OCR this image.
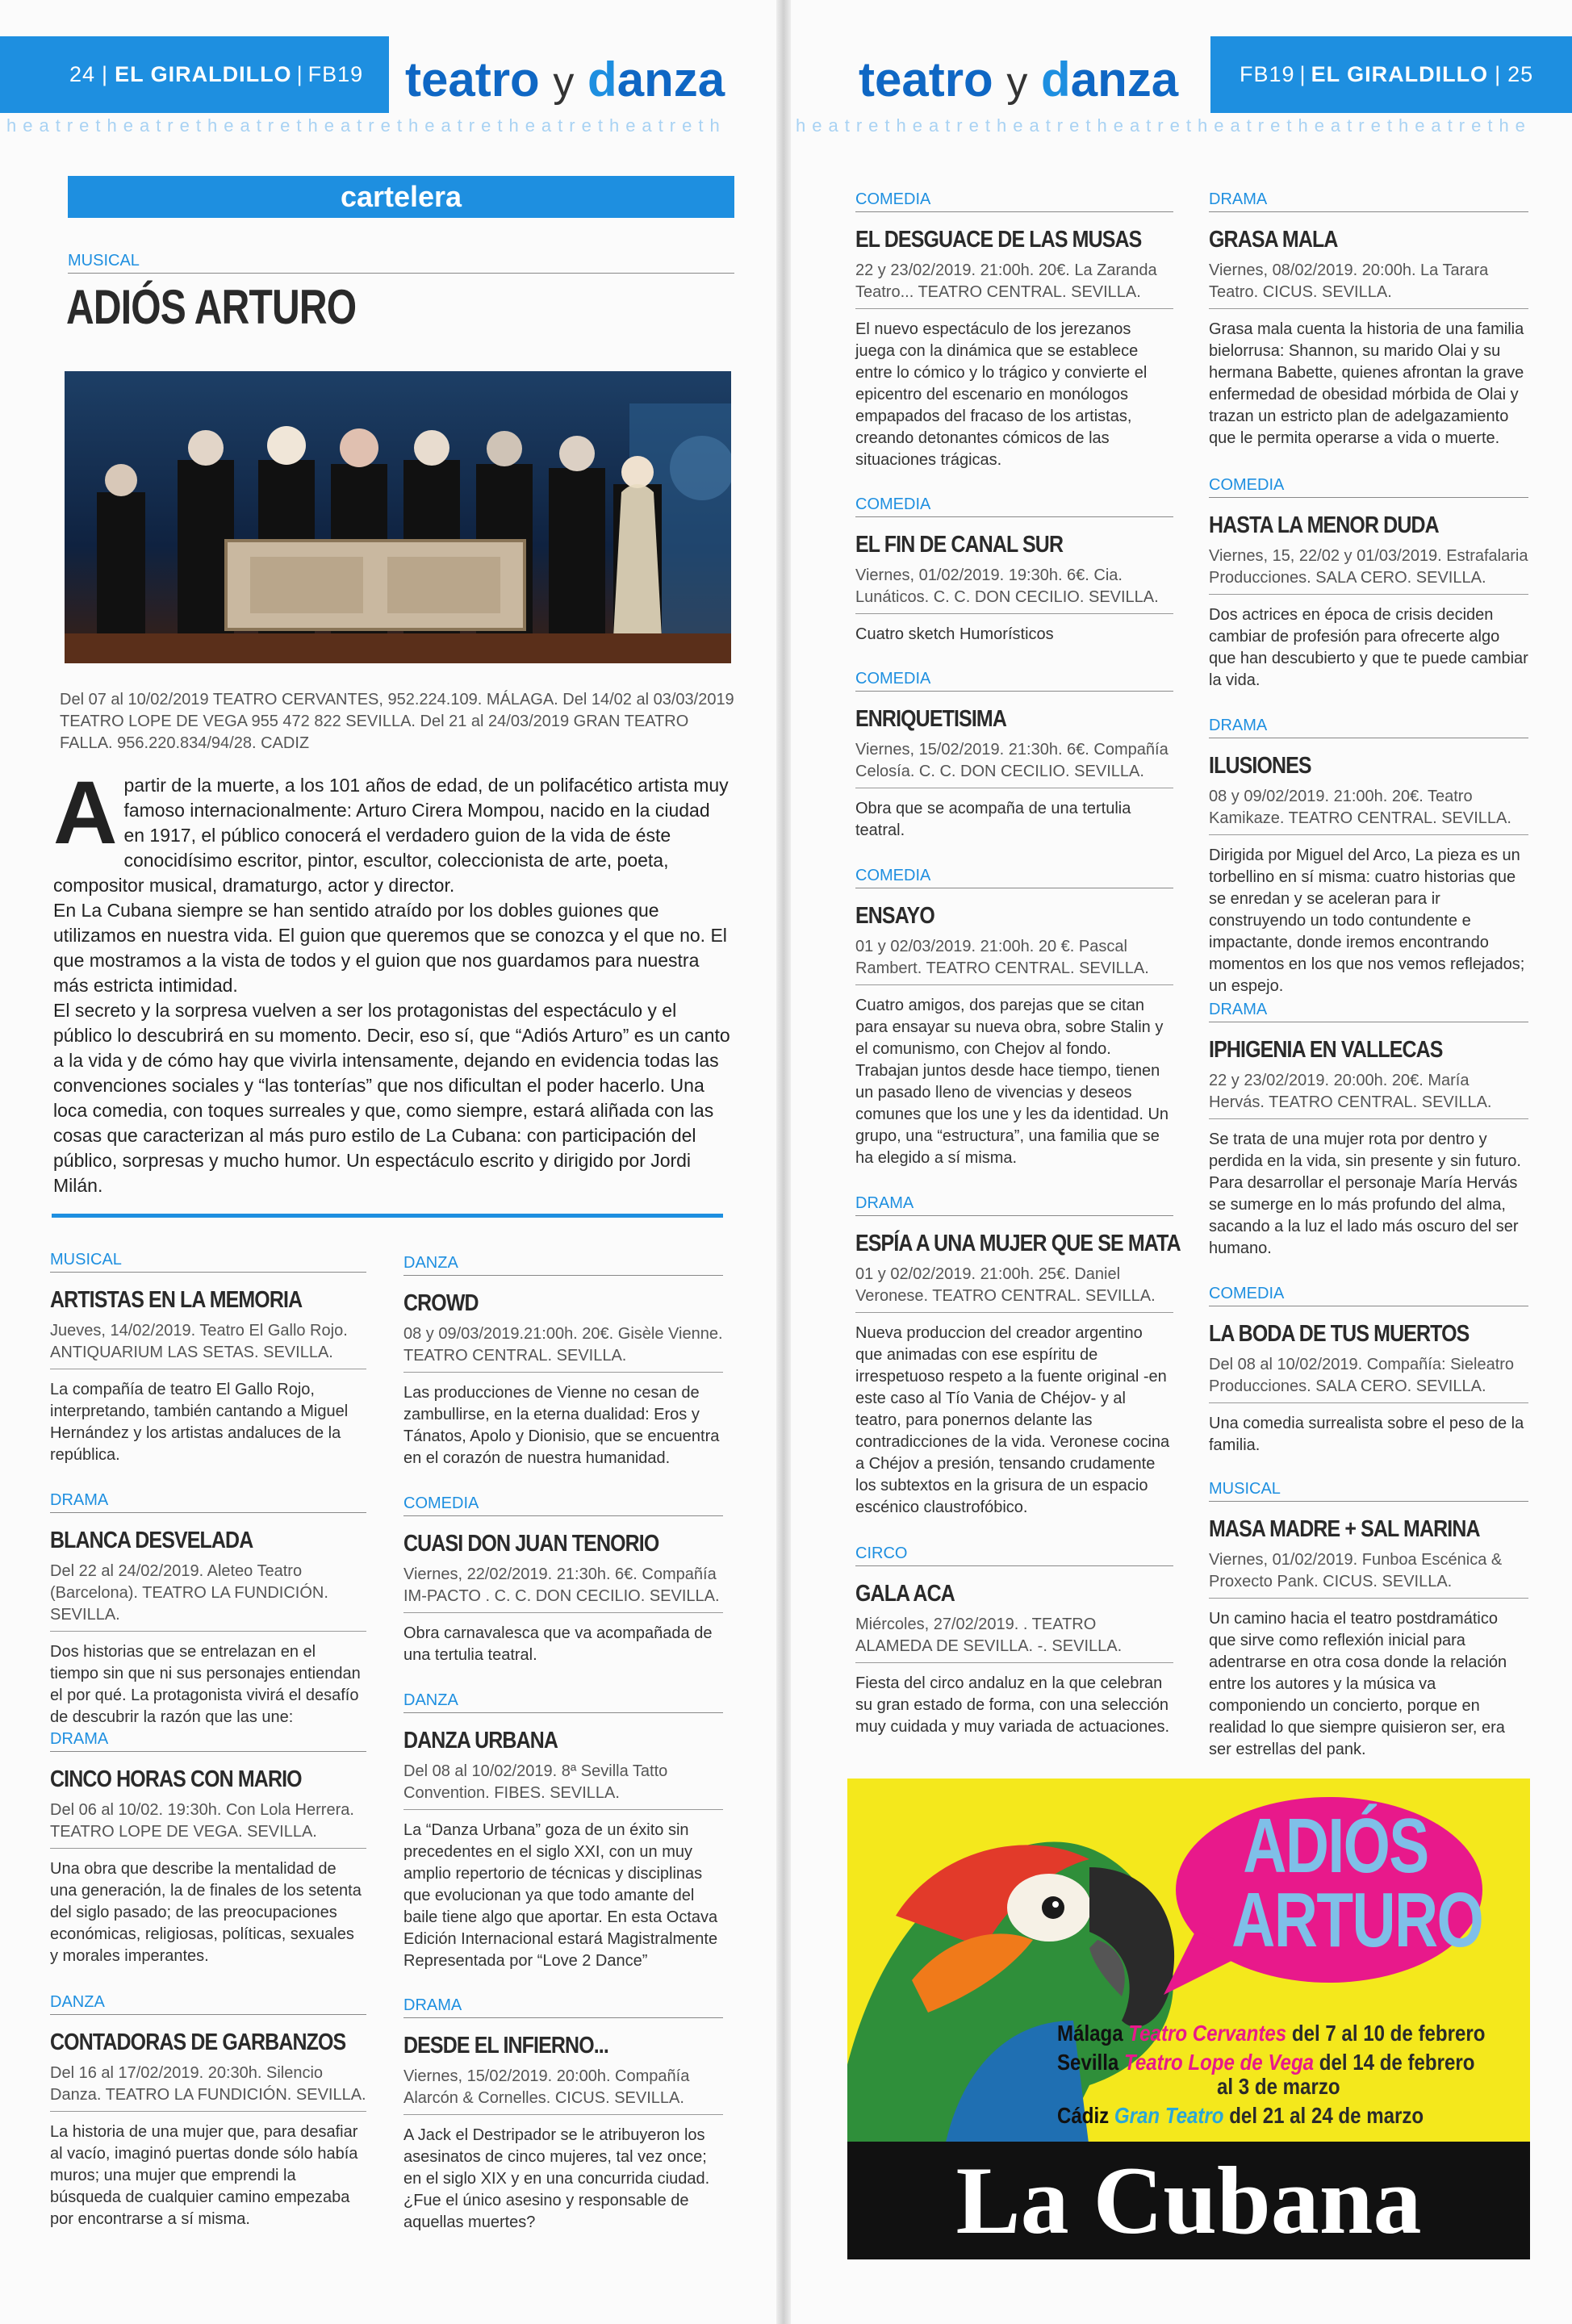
24 | EL GIRALDILLO | FB19 teatro y danza
heatretheatretheatretheatretheatretheatretheatreth
cartelera
MUSICAL
ADIÓS ARTURO
Del 07 al 10/02/2019 TEATRO CERVANTES, 952.224.109. MÁLAGA. Del 14/02 al 03/03/2019 TEATRO LOPE DE VEGA 955 472 822 SEVILLA. Del 21 al 24/03/2019 GRAN TEATRO FALLA. 956.220.834/94/28. CADIZ

Apartir de la muerte, a los 101 años de edad, de un polifacético artista muy famoso internacionalmente: Arturo Cirera Mompou, nacido en la ciudad en 1917, el público conocerá el verdadero guion de la vida de éste conocidísimo escritor, pintor, escultor, coleccionista de arte, poeta, compositor musical, dramaturgo, actor y director.

En La Cubana siempre se han sentido atraído por los dobles guiones que utilizamos en nuestra vida. El guion que queremos que se conozca y el que no. El que mostramos a la vista de todos y el guion que nos guardamos para nuestra más estricta intimidad.

El secreto y la sorpresa vuelven a ser los protagonistas del espectáculo y el público lo descubrirá en su momento. Decir, eso sí, que “Adiós Arturo” es un canto a la vida y de cómo hay que vivirla intensamente, dejando en evidencia todas las convenciones sociales y “las tonterías” que nos dificultan el poder hacerlo. Una loca comedia, con toques surreales y que, como siempre, estará aliñada con las cosas que caracterizan al más puro estilo de La Cubana: con participación del público, sorpresas y mucho humor. Un espectáculo escrito y dirigido por Jordi Milán.

MUSICAL
ARTISTAS EN LA MEMORIA
Jueves, 14/02/2019. Teatro El Gallo Rojo. ANTIQUARIUM LAS SETAS. SEVILLA.
La compañía de teatro El Gallo Rojo, interpretando, también cantando a Miguel Hernández y los artistas andaluces de la república.
DRAMA
BLANCA DESVELADA
Del 22 al 24/02/2019. Aleteo Teatro (Barcelona). TEATRO LA FUNDICIÓN. SEVILLA.
Dos historias que se entrelazan en el tiempo sin que ni sus personajes entiendan el por qué. La protagonista vivirá el desafío de descubrir la razón que las une:
DRAMA
CINCO HORAS CON MARIO
Del 06 al 10/02. 19:30h. Con Lola Herrera. TEATRO LOPE DE VEGA. SEVILLA.
Una obra que describe la mentalidad de una generación, la de finales de los setenta del siglo pasado; de las preocupaciones económicas, religiosas, políticas, sexuales y morales imperantes.
DANZA
CONTADORAS DE GARBANZOS
Del 16 al 17/02/2019. 20:30h. Silencio Danza. TEATRO LA FUNDICIÓN. SEVILLA.
La historia de una mujer que, para desafiar al vacío, imaginó puertas donde sólo había muros; una mujer que emprendi la búsqueda de cualquier camino empezaba por encontrarse a sí misma.
DANZA
CROWD
08 y 09/03/2019.21:00h. 20€. Gisèle Vienne. TEATRO CENTRAL. SEVILLA.
Las producciones de Vienne no cesan de zambullirse, en la eterna dualidad: Eros y Tánatos, Apolo y Dionisio, que se encuentra en el corazón de nuestra humanidad.
COMEDIA
CUASI DON JUAN TENORIO
Viernes, 22/02/2019. 21:30h. 6€. Compañía IM-PACTO . C. C. DON CECILIO. SEVILLA.
Obra carnavalesca que va acompañada de una tertulia teatral.
DANZA
DANZA URBANA
Del 08 al 10/02/2019. 8ª Sevilla Tatto Convention. FIBES. SEVILLA.
La “Danza Urbana” goza de un éxito sin precedentes en el siglo XXI, con un muy amplio repertorio de técnicas y disciplinas que evolucionan ya que todo amante del baile tiene algo que aportar. En esta Octava Edición Internacional estará Magistralmente Representada por “Love 2 Dance”
DRAMA
DESDE EL INFIERNO...
Viernes, 15/02/2019. 20:00h. Compañía Alarcón & Cornelles. CICUS. SEVILLA.
A Jack el Destripador se le atribuyeron los asesinatos de cinco mujeres, tal vez once; en el siglo XIX y en una concurrida ciudad. ¿Fue el único asesino y responsable de aquellas muertes?
teatro y danza	FB19 | EL GIRALDILLO | 25
heatretheatretheatretheatretheatretheatretheatrethe
COMEDIA
EL DESGUACE DE LAS MUSAS
22 y 23/02/2019. 21:00h. 20€. La Zaranda Teatro... TEATRO CENTRAL. SEVILLA.
El nuevo espectáculo de los jerezanos juega con la dinámica que se establece entre lo cómico y lo trágico y convierte el epicentro del escenario en monólogos empapados del fracaso de los artistas, creando detonantes cómicos de las situaciones trágicas.
COMEDIA
EL FIN DE CANAL SUR
Viernes, 01/02/2019. 19:30h. 6€. Cia. Lunáticos. C. C. DON CECILIO. SEVILLA.
Cuatro sketch Humorísticos
COMEDIA
ENRIQUETISIMA
Viernes, 15/02/2019. 21:30h. 6€. Compañía Celosía. C. C. DON CECILIO. SEVILLA.
Obra que se acompaña de una tertulia teatral.
COMEDIA
ENSAYO
01 y 02/03/2019. 21:00h. 20 €. Pascal Rambert. TEATRO CENTRAL. SEVILLA.
Cuatro amigos, dos parejas que se citan para ensayar su nueva obra, sobre Stalin y el comunismo, con Chejov al fondo. Trabajan juntos desde hace tiempo, tienen un pasado lleno de vivencias y deseos comunes que los une y les da identidad. Un grupo, una “estructura”, una familia que se ha elegido a sí misma.
DRAMA
ESPÍA A UNA MUJER QUE SE MATA
01 y 02/02/2019. 21:00h. 25€. Daniel Veronese. TEATRO CENTRAL. SEVILLA.
Nueva produccion del creador argentino que animadas con ese espíritu de irrespetuoso respeto a la fuente original -en este caso al Tío Vania de Chéjov- y al teatro, para ponernos delante las contradicciones de la vida. Veronese cocina a Chéjov a presión, tensando crudamente los subtextos en la grisura de un espacio escénico claustrofóbico.
CIRCO
GALA ACA
Miércoles, 27/02/2019. . TEATRO ALAMEDA DE SEVILLA. -. SEVILLA.
Fiesta del circo andaluz en la que celebran su gran estado de forma, con una selección muy cuidada y muy variada de actuaciones.
DRAMA
GRASA MALA
Viernes, 08/02/2019. 20:00h. La Tarara Teatro. CICUS. SEVILLA.
Grasa mala cuenta la historia de una familia bielorrusa: Shannon, su marido Olai y su hermana Babette, quienes afrontan la grave enfermedad de obesidad mórbida de Olai y trazan un estricto plan de adelgazamiento que le permita operarse a vida o muerte.
COMEDIA
HASTA LA MENOR DUDA
Viernes, 15, 22/02 y 01/03/2019. Estrafalaria Producciones. SALA CERO. SEVILLA.
Dos actrices en época de crisis deciden cambiar de profesión para ofrecerte algo que han descubierto y que te puede cambiar la vida.
DRAMA
ILUSIONES
08 y 09/02/2019. 21:00h. 20€. Teatro Kamikaze. TEATRO CENTRAL. SEVILLA.
Dirigida por Miguel del Arco, La pieza es un torbellino en sí misma: cuatro historias que se enredan y se aceleran para ir construyendo un todo contundente e impactante, donde iremos encontrando momentos en los que nos vemos reflejados; un espejo.
DRAMA
IPHIGENIA EN VALLECAS
22 y 23/02/2019. 20:00h. 20€. María Hervás. TEATRO CENTRAL. SEVILLA.
Se trata de una mujer rota por dentro y perdida en la vida, sin presente y sin futuro. Para desarrollar el personaje María Hervás se sumerge en lo más profundo del alma, sacando a la luz el lado más oscuro del ser humano.
COMEDIA
LA BODA DE TUS MUERTOS
Del 08 al 10/02/2019. Compañía: Sieleatro Producciones. SALA CERO. SEVILLA.
Una comedia surrealista sobre el peso de la familia.
MUSICAL
MASA MADRE + SAL MARINA
Viernes, 01/02/2019. Funboa Escénica & Proxecto Pank. CICUS. SEVILLA.
Un camino hacia el teatro postdramático que sirve como reflexión inicial para adentrarse en otra cosa donde la relación entre los autores y la música va componiendo un concierto, porque en realidad lo que siempre quisieron ser, era ser estrellas del pank.
ADIÓS
ARTURO
Málaga Teatro Cervantes del 7 al 10 de febrero
Sevilla Teatro Lope de Vega del 14 de febrero
al 3 de marzo
Cádiz Gran Teatro del 21 al 24 de marzo
La Cubana
